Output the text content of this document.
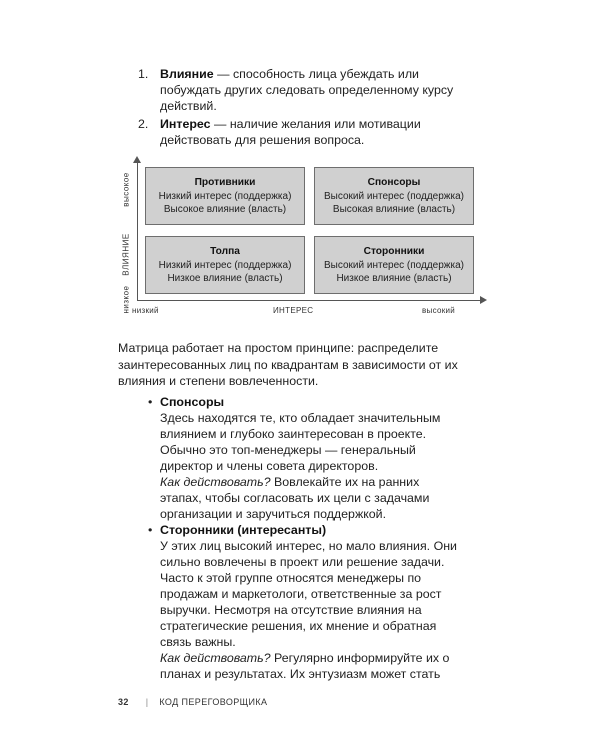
1. Влияние — способность лица убеждать или побуждать других следовать определенному курсу действий.
2. Интерес — наличие желания или мотивации действовать для решения вопроса.
высокое
ВЛИЯНИЕ
низкое низкий	ИНТЕРЕС	высокий
Противники
Низкий интерес (поддержка)
Высокое влияние (власть)
Спонсоры
Высокий интерес (поддержка)
Высокая влияние (власть)
Толпа
Низкий интерес (поддержка)
Низкое влияние (власть)
Сторонники
Высокий интерес (поддержка)
Низкое влияние (власть)
Матрица работает на простом принципе: распределите заинтересованных лиц по квадрантам в зависимости от их влияния и степени вовлеченности.
• Спонсоры
Здесь находятся те, кто обладает значительным влиянием и глубоко заинтересован в проекте. Обычно это топ-менеджеры — генеральный директор и члены совета директоров.
Как действовать? Вовлекайте их на ранних этапах, чтобы согласовать их цели с задачами организации и заручиться поддержкой.
• Сторонники (интересанты)
У этих лиц высокий интерес, но мало влияния. Они сильно вовлечены в проект или решение задачи. Часто к этой группе относятся менеджеры по продажам и маркетологи, ответственные за рост выручки. Несмотря на отсутствие влияния на стратегические решения, их мнение и обратная связь важны.
Как действовать? Регулярно информируйте их о планах и результатах. Их энтузиазм может стать
32 | КОД ПЕРЕГОВОРЩИКА
